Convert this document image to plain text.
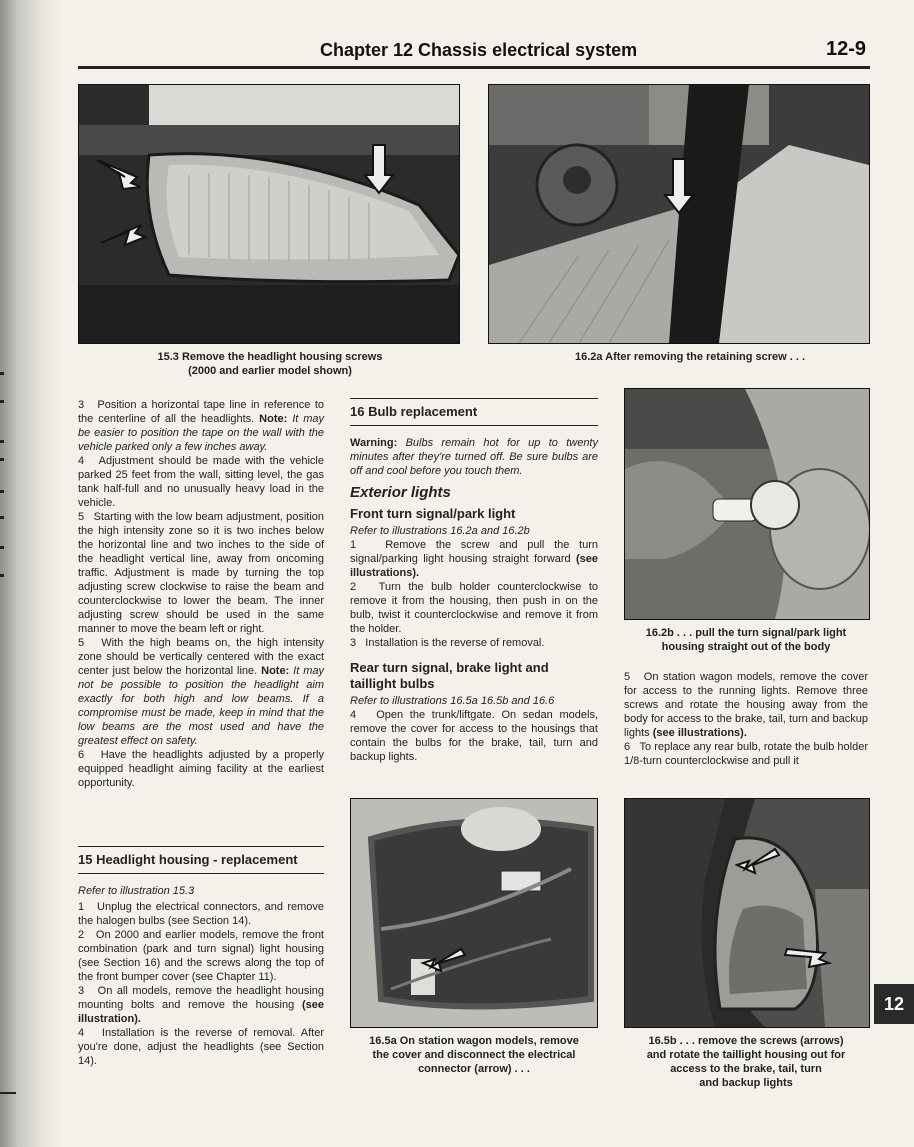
Chapter 12 Chassis electrical system	12-9
15.3 Remove the headlight housing screws
(2000 and earlier model shown)
16.2a After removing the retaining screw . . .

3 Position a horizontal tape line in reference to the centerline of all the headlights. Note: It may be easier to position the tape on the wall with the vehicle parked only a few inches away.

4 Adjustment should be made with the vehicle parked 25 feet from the wall, sitting level, the gas tank half-full and no unusually heavy load in the vehicle.

5 Starting with the low beam adjustment, position the high intensity zone so it is two inches below the horizontal line and two inches to the side of the headlight vertical line, away from oncoming traffic. Adjustment is made by turning the top adjusting screw clockwise to raise the beam and counterclockwise to lower the beam. The inner adjusting screw should be used in the same manner to move the beam left or right.

5 With the high beams on, the high intensity zone should be vertically centered with the exact center just below the horizontal line. Note: It may not be possible to position the headlight aim exactly for both high and low beams. If a compromise must be made, keep in mind that the low beams are the most used and have the greatest effect on safety.

6 Have the headlights adjusted by a properly equipped headlight aiming facility at the earliest opportunity.

15 Headlight housing - replacement

Refer to illustration 15.3

1 Unplug the electrical connectors, and remove the halogen bulbs (see Section 14).

2 On 2000 and earlier models, remove the front combination (park and turn signal) light housing (see Section 16) and the screws along the top of the front bumper cover (see Chapter 11).

3 On all models, remove the headlight housing mounting bolts and remove the housing (see illustration).

4 Installation is the reverse of removal. After you're done, adjust the headlights (see Section 14).

16 Bulb replacement

Warning: Bulbs remain hot for up to twenty minutes after they're turned off. Be sure bulbs are off and cool before you touch them.

Exterior lights
Front turn signal/park light

Refer to illustrations 16.2a and 16.2b

1	Remove the screw and pull the turn signal/parking light housing straight forward (see illustrations).

2 Turn the bulb holder counterclockwise to remove it from the housing, then push in on the bulb, twist it counterclockwise and remove it from the holder.

3 Installation is the reverse of removal.

Rear turn signal, brake light and taillight bulbs

Refer to illustrations 16.5a 16.5b and 16.6

4 Open the trunk/liftgate. On sedan models, remove the cover for access to the housings that contain the bulbs for the brake, tail, turn and backup lights.

16.5a On station wagon models, remove
the cover and disconnect the electrical
connector (arrow) . . .
16.2b . . . pull the turn signal/park light
housing straight out of the body

5 On station wagon models, remove the cover for access to the running lights. Remove three screws and rotate the housing away from the body for access to the brake, tail, turn and backup lights (see illustrations).

6 To replace any rear bulb, rotate the bulb holder 1/8-turn counterclockwise and pull it

16.5b . . . remove the screws (arrows)
and rotate the taillight housing out for
access to the brake, tail, turn
and backup lights
12
